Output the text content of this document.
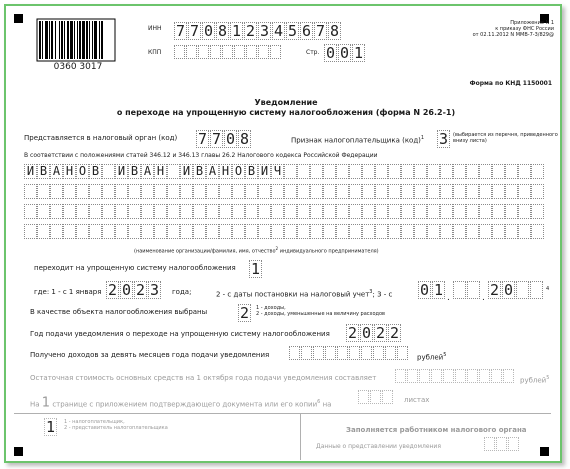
0360 3017
ИНН 7 7 0 8 1 2 3 4 5 6 7 8
КПП	Стр. 0 0 1
Приложение N 1
к приказу ФНС России
от 02.11.2012 N ММВ-7-3/829@
Форма по КНД 1150001
Уведомление
о переходе на упрощенную систему налогообложения (форма N 26.2-1)
Представляется в налоговый орган (код) 7 7 0 8	Признак налогоплательщика (код)$^1$ 3 (выбирается из перечня, приведенного внизу листа)
В соответствии с положениями статей 346.12 и 346.13 главы 26.2 Налогового кодекса Российской Федерации
И В А Н О В И В А Н И В А Н О В И Ч
(наименование организации/фамилия, имя, отчество$^2$ индивидуального предпринимателя)
переходит на упрощенную систему налогообложения 1
где: 1 - с 1 января 2 0 2 3 года;	2 - с даты постановки на налоговый учет$^3$; 3 - с 0 1 .	. 2 0	4
В качестве объекта налогообложения выбраны 2	1 - доходы,
2 - доходы, уменьшенные на величину расходов
Год подачи уведомления о переходе на упрощенную систему налогообложения 2 0 2 2
Получено доходов за девять месяцев года подачи уведомления	рублей$^5$
Остаточная стоимость основных средств на 1 октября года подачи уведомления составляет	рублей$^5$
На 1 странице с приложением подтверждающего документа или его копии$^6$ на
листах
1	1 - налогоплательщик,
2 - представитель налогоплательщика	Заполняется работником налогового органа
Данные о представлении уведомления
